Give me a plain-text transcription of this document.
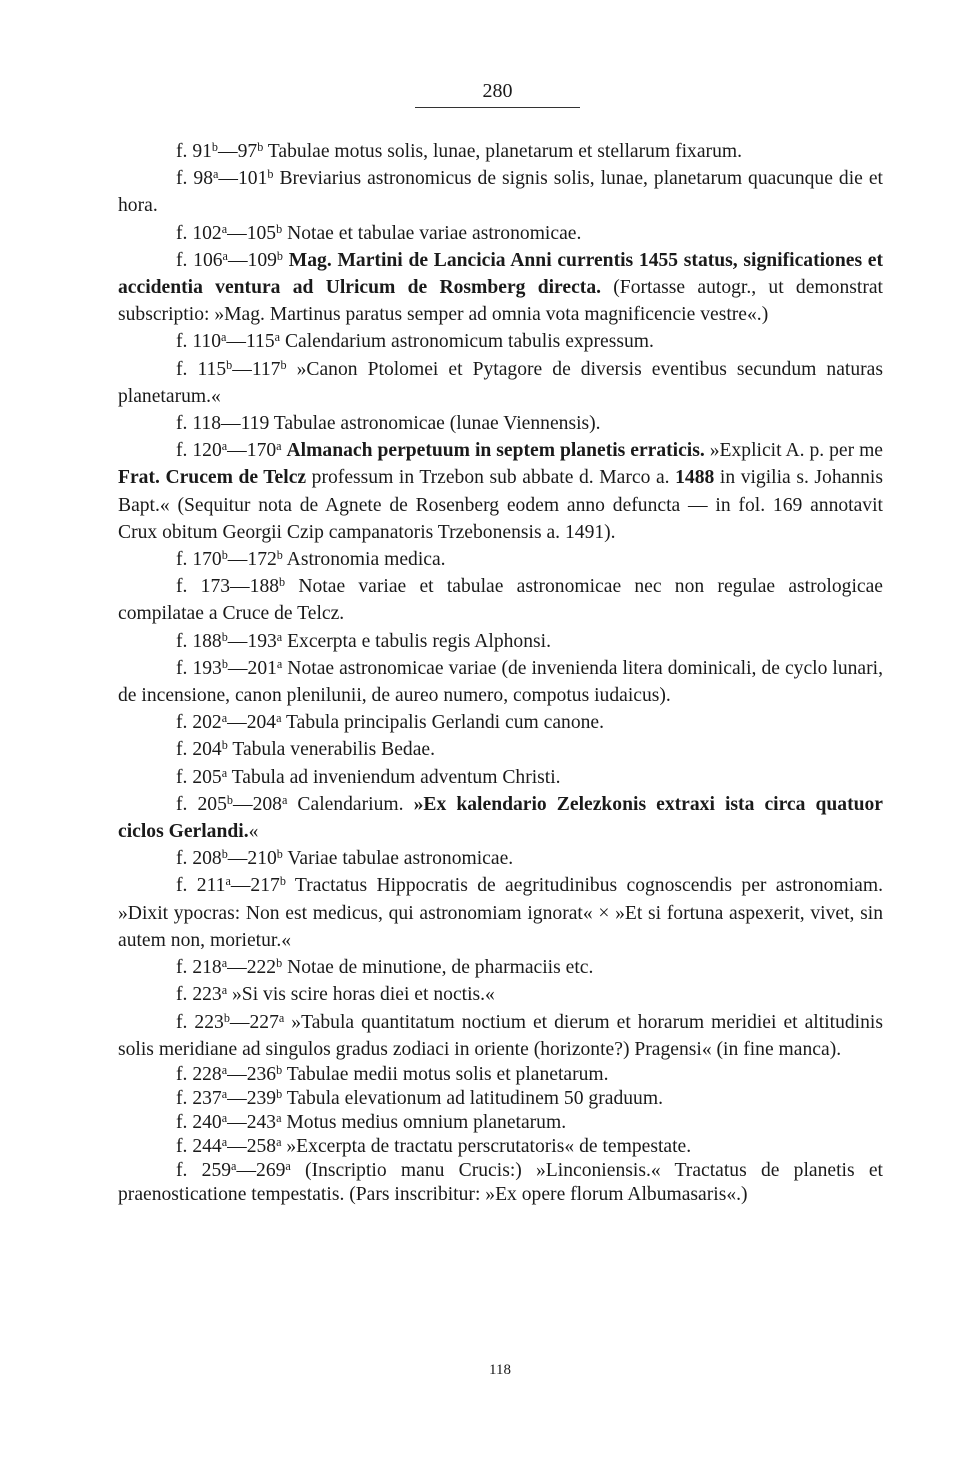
280

f. 91$^b$—97$^b$ Tabulae motus solis, lunae, planetarum et stellarum fixarum.

f. 98$^a$—101$^b$ Breviarius astronomicus de signis solis, lunae, planetarum quacunque die et hora.

f. 102$^a$—105$^b$ Notae et tabulae variae astronomicae.

f. 106$^a$—109$^b$ Mag. Martini de Lancicia Anni currentis 1455 status, significationes et accidentia ventura ad Ulricum de Rosmberg directa. (Fortasse autogr., ut demonstrat subscriptio: »Mag. Martinus paratus semper ad omnia vota magnificencie vestre«.)

f. 110$^a$—115$^a$ Calendarium astronomicum tabulis expressum.

f. 115$^b$—117$^b$ »Canon Ptolomei et Pytagore de diversis eventibus secundum naturas planetarum.«

f. 118—119 Tabulae astronomicae (lunae Viennensis).

f. 120$^a$—170$^a$ Almanach perpetuum in septem planetis erraticis. »Explicit A. p. per me Frat. Crucem de Telcz professum in Trzebon sub abbate d. Marco a. 1488 in vigilia s. Johannis Bapt.« (Sequitur nota de Agnete de Rosenberg eodem anno defuncta — in fol. 169 annotavit Crux obitum Georgii Czip campanatoris Trzebonensis a. 1491).

f. 170$^b$—172$^b$ Astronomia medica.

f. 173—188$^b$ Notae variae et tabulae astronomicae nec non regulae astrologicae compilatae a Cruce de Telcz.

f. 188$^b$—193$^a$ Excerpta e tabulis regis Alphonsi.

f. 193$^b$—201$^a$ Notae astronomicae variae (de invenienda litera dominicali, de cyclo lunari, de incensione, canon plenilunii, de aureo numero, compotus iudaicus).

f. 202$^a$—204$^a$ Tabula principalis Gerlandi cum canone.

f. 204$^b$ Tabula venerabilis Bedae.

f. 205$^a$ Tabula ad inveniendum adventum Christi.

f. 205$^b$—208$^a$ Calendarium. »Ex kalendario Zelezkonis extraxi ista circa quatuor ciclos Gerlandi.«

f. 208$^b$—210$^b$ Variae tabulae astronomicae.

f. 211$^a$—217$^b$ Tractatus Hippocratis de aegritudinibus cognoscendis per astronomiam. »Dixit ypocras: Non est medicus, qui astronomiam ignorat« × »Et si fortuna aspexerit, vivet, sin autem non, morietur.«

f. 218$^a$—222$^b$ Notae de minutione, de pharmaciis etc.

f. 223$^a$ »Si vis scire horas diei et noctis.«

f. 223$^b$—227$^a$ »Tabula quantitatum noctium et dierum et horarum meridiei et altitudinis solis meridiane ad singulos gradus zodiaci in oriente (horizonte?) Pragensi« (in fine manca).

f. 228$^a$—236$^b$ Tabulae medii motus solis et planetarum.

f. 237$^a$—239$^b$ Tabula elevationum ad latitudinem 50 graduum.

f. 240$^a$—243$^a$ Motus medius omnium planetarum.

f. 244$^a$—258$^a$ »Excerpta de tractatu perscrutatoris« de tempestate.

f. 259$^a$—269$^a$ (Inscriptio manu Crucis:) »Linconiensis.« Tractatus de planetis et praenosticatione tempestatis. (Pars inscribitur: »Ex opere florum Albumasaris«.)

118
